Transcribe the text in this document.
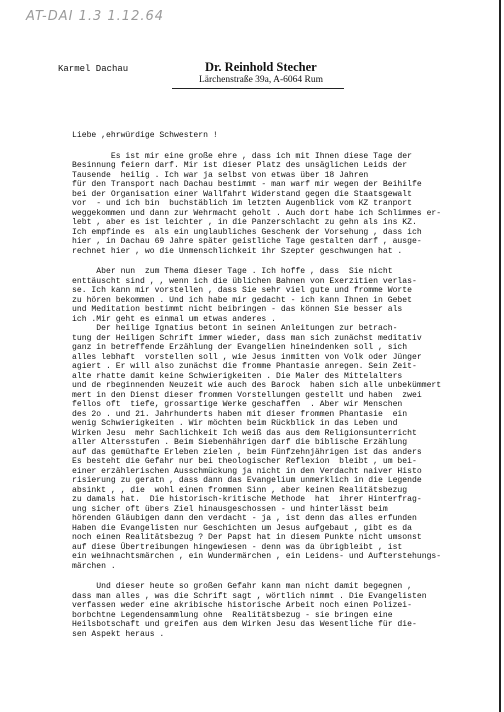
AT-DAI 1.3 1.12.64
Karmel Dachau	Dr. Reinhold Stecher
Lärchenstraße 39a, A-6064 Rum
Liebe ,ehrwürdige Schwestern !
Es ist mir eine große ehre , dass ich mit Ihnen diese Tage der
Besinnung feiern darf. Mir ist dieser Platz des unsäglichen Leids der
Tausende  heilig . Ich war ja selbst von etwas über 18 Jahren
für den Transport nach Dachau bestimmt - man warf mir wegen der Beihilfe
bei der Organisation einer Wallfahrt Widerstand gegen die Staatsgewalt
vor  - und ich bin  buchstäblich im letzten Augenblick vom KZ tranport
weggekommen und dann zur Wehrmacht geholt . Auch dort habe ich Schlimmes er-
lebt , aber es ist leichter , in die Panzerschlacht zu gehn als ins KZ.
Ich empfinde es  als ein unglaubliches Geschenk der Vorsehung , dass ich
hier , in Dachau 69 Jahre später geistliche Tage gestalten darf , ausge-
rechnet hier , wo die Unmenschlichkeit ihr Szepter geschwungen hat .
Aber nun  zum Thema dieser Tage . Ich hoffe , dass  Sie nicht
enttäuscht sind , , wenn ich die üblichen Bahnen von Exerzitien verlas-
se. Ich kann mir vorstellen , dass Sie sehr viel gute und fromme Worte
zu hören bekommen . Und ich habe mir gedacht - ich kann Ihnen in Gebet
und Meditation bestimmt nicht beibringen - das können Sie besser als
ich .Mir geht es einmal um etwas anderes .
Der heilige Ignatius betont in seinen Anleitungen zur betrach-
tung der Heiligen Schrift immer wieder, dass man sich zunächst meditativ
ganz in betreffende Erzählung der Evangelien hineindenken soll , sich
alles lebhaft  vorstellen soll , wie Jesus inmitten von Volk oder Jünger
agiert . Er will also zunächst die fromme Phantasie anregen. Sein Zeit-
alte rhatte damit keine Schwierigkeiten . Die Maler des Mittelalters
und de rbeginnenden Neuzeit wie auch des Barock  haben sich alle unbekümmert
mert in den Dienst dieser frommen Vorstellungen gestellt und haben  zwei
fellos oft  tiefe, grossartige Werke geschaffen  . Aber wir Menschen
des 2o . und 21. Jahrhunderts haben mit dieser frommen Phantasie  ein
wenig Schwierigkeiten . Wir möchten beim Rückblick in das Leben und
Wirken Jesu  mehr Sachlichkeit Ich weiß das aus dem Religionsunterricht
aller Altersstufen . Beim Siebenhährigen darf die biblische Erzählung
auf das gemüthafte Erleben zielen , beim Fünfzehnjährigen ist das anders
Es besteht die Gefahr nur bei theologischer Reflexion  bleibt , um bei-
einer erzählerischen Ausschmückung ja nicht in den Verdacht naiver Histo
risierung zu geratn , dass dann das Evangelium unmerklich in die Legende
absinkt , , die  wohl einen frommen Sinn , aber keinen Realitätsbezug
zu damals hat.  Die historisch-kritische Methode  hat  ihrer Hinterfrag-
ung sicher oft übers Ziel hinausgeschossen - und hinterlässt beim
hörenden Gläubigen dann den verdacht - ja , ist denn das alles erfunden
Haben die Evangelisten nur Geschichten um Jesus aufgebaut , gibt es da
noch einen Realitätsbezug ? Der Papst hat in diesem Punkte nicht umsonst
auf diese Übertreibungen hingewiesen - denn was da übrigbleibt , ist
ein weihnachtsmärchen , ein Wundermärchen , ein Leidens- und Aufterstehungs-
märchen .
Und dieser heute so großen Gefahr kann man nicht damit begegnen ,
dass man alles , was die Schrift sagt , wörtlich nimmt . Die Evangelisten
verfassen weder eine akribische historische Arbeit noch einen Polizei-
borbchtne Legendensammlung ohne  Realitätsbezug - sie bringen eine
Heilsbotschaft und greifen aus dem Wirken Jesu das Wesentliche für die-
sen Aspekt heraus .
